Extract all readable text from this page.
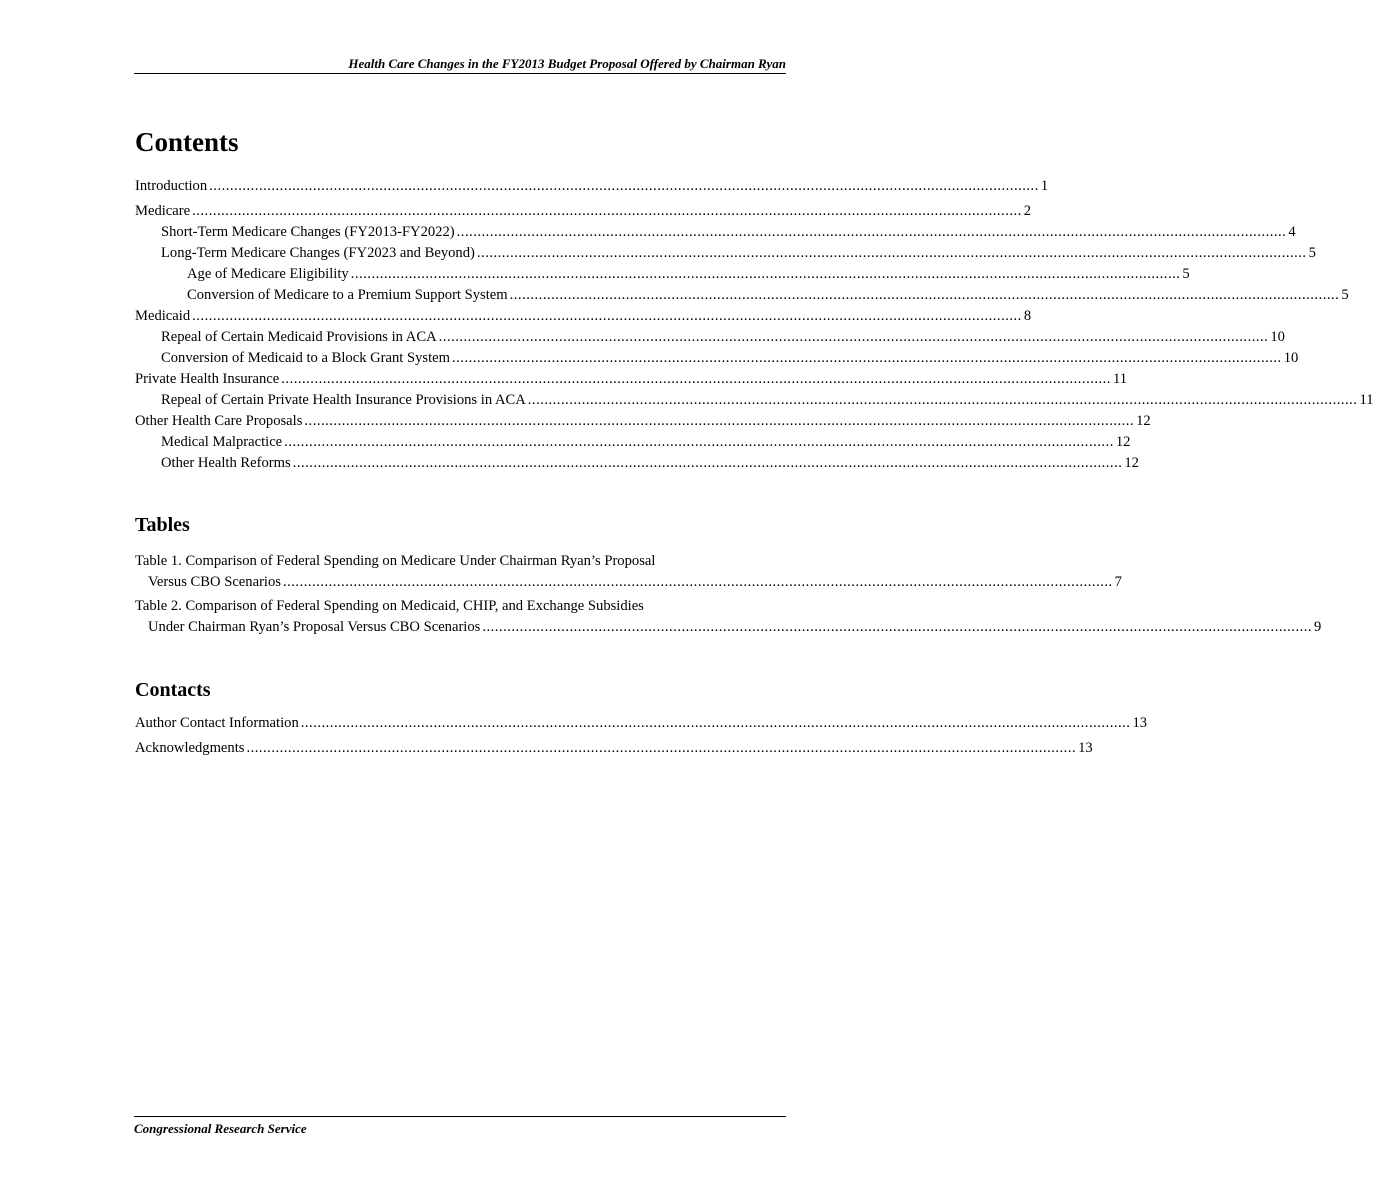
Health Care Changes in the FY2013 Budget Proposal Offered by Chairman Ryan
Contents
Introduction ........................................................................................................................................................................................................ 1
Medicare ........................................................................................................................................................................................................ 2
Short-Term Medicare Changes (FY2013-FY2022) ........................................................................................................................................................................................................ 4
Long-Term Medicare Changes (FY2023 and Beyond) ........................................................................................................................................................................................................ 5
Age of Medicare Eligibility ........................................................................................................................................................................................................ 5
Conversion of Medicare to a Premium Support System ........................................................................................................................................................................................................ 5
Medicaid ........................................................................................................................................................................................................ 8
Repeal of Certain Medicaid Provisions in ACA ........................................................................................................................................................................................................ 10
Conversion of Medicaid to a Block Grant System ........................................................................................................................................................................................................ 10
Private Health Insurance ........................................................................................................................................................................................................ 11
Repeal of Certain Private Health Insurance Provisions in ACA ........................................................................................................................................................................................................ 11
Other Health Care Proposals ........................................................................................................................................................................................................ 12
Medical Malpractice ........................................................................................................................................................................................................ 12
Other Health Reforms ........................................................................................................................................................................................................ 12
Tables
Table 1. Comparison of Federal Spending on Medicare Under Chairman Ryan’s Proposal
Versus CBO Scenarios ........................................................................................................................................................................................................ 7
Table 2. Comparison of Federal Spending on Medicaid, CHIP, and Exchange Subsidies
Under Chairman Ryan’s Proposal Versus CBO Scenarios ........................................................................................................................................................................................................ 9
Contacts
Author Contact Information ........................................................................................................................................................................................................ 13
Acknowledgments ........................................................................................................................................................................................................ 13
Congressional Research Service
